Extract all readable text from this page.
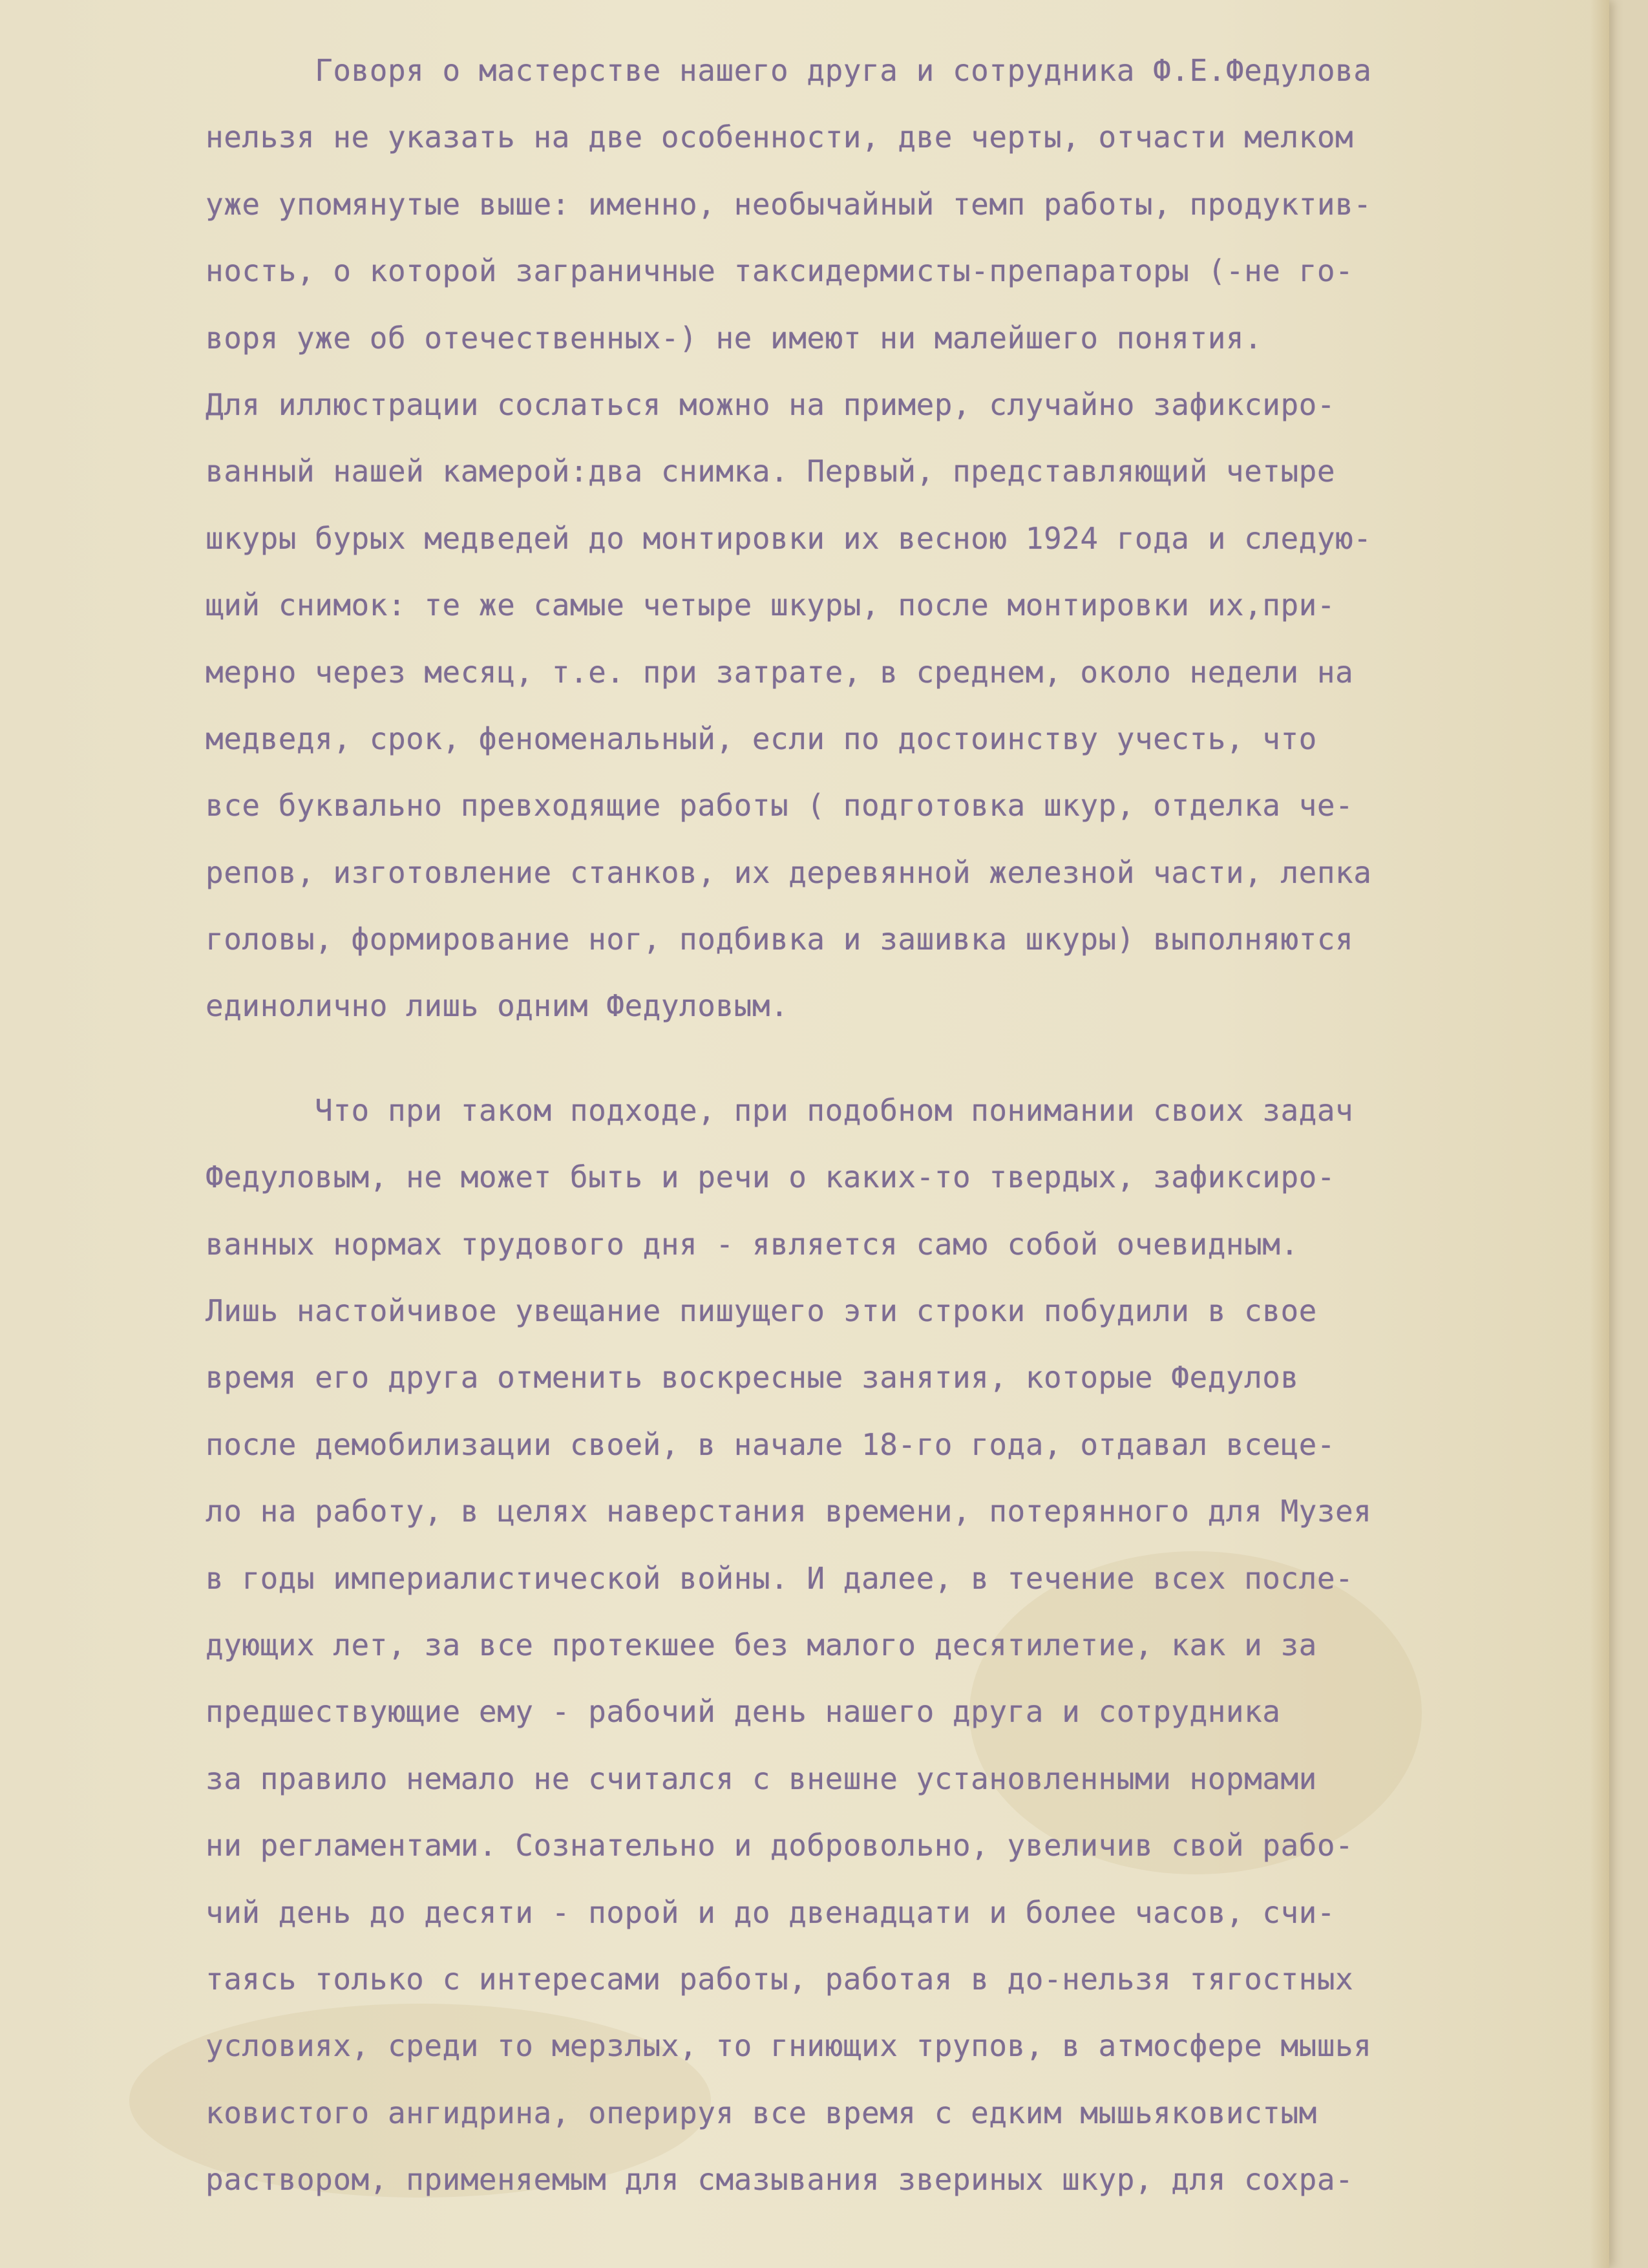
Говоря о мастерстве нашего друга и сотрудника Ф.Е.Федулова
нельзя не указать на две особенности, две черты, отчасти мелком
уже упомянутые выше: именно, необычайный темп работы, продуктив-
ность, о которой заграничные таксидермисты-препараторы (-не го-
воря уже об отечественных-) не имеют ни малейшего понятия.
Для иллюстрации сослаться можно на пример, случайно зафиксиро-
ванный нашей камерой:два снимка. Первый, представляющий четыре
шкуры бурых медведей до монтировки их весною 1924 года и следую-
щий снимок: те же самые четыре шкуры, после монтировки их,при-
мерно через месяц, т.е. при затрате, в среднем, около недели на
медведя, срок, феноменальный, если по достоинству учесть, что
все буквально превходящие работы ( подготовка шкур, отделка че-
репов, изготовление станков, их деревянной железной части, лепка
головы, формирование ног, подбивка и зашивка шкуры) выполняются
единолично лишь одним Федуловым.
Что при таком подходе, при подобном понимании своих задач
Федуловым, не может быть и речи о каких-то твердых, зафиксиро-
ванных нормах трудового дня - является само собой очевидным.
Лишь настойчивое увещание пишущего эти строки побудили в свое
время его друга отменить воскресные занятия, которые Федулов
после демобилизации своей, в начале 18-го года, отдавал всеце-
ло на работу, в целях наверстания времени, потерянного для Музея
в годы империалистической войны. И далее, в течение всех после-
дующих лет, за все протекшее без малого десятилетие, как и за
предшествующие ему - рабочий день нашего друга и сотрудника
за правило немало не считался с внешне установленными нормами
ни регламентами. Сознательно и добровольно, увеличив свой рабо-
чий день до десяти - порой и до двенадцати и более часов, счи-
таясь только с интересами работы, работая в до-нельзя тягостных
условиях, среди то мерзлых, то гниющих трупов, в атмосфере мышья
ковистого ангидрина, оперируя все время с едким мышьяковистым
раствором, применяемым для смазывания звериных шкур, для сохра-
